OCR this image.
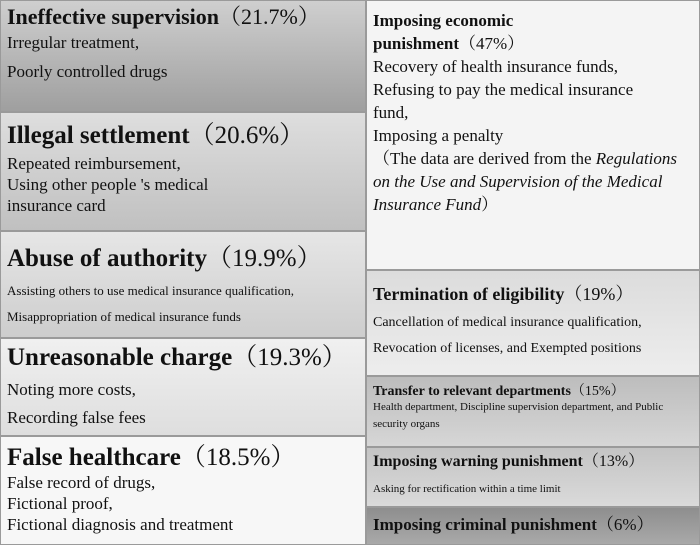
Ineffective supervision（21.7%）
Irregular treatment,
Poorly controlled drugs
Illegal settlement（20.6%）
Repeated reimbursement,
Using other people 's medical
insurance card
Abuse of authority（19.9%）
Assisting others to use medical insurance qualification,
Misappropriation of medical insurance funds
Unreasonable charge（19.3%）
Noting more costs,
Recording false fees
False healthcare（18.5%）
False record of drugs,
Fictional proof,
Fictional diagnosis and treatment
Imposing economic
punishment（47%）
Recovery of health insurance funds,
Refusing to pay the medical insurance
fund,
Imposing a penalty
（The data are derived from the Regulations on the Use and Supervision of the Medical Insurance Fund）
Termination of eligibility（19%）
Cancellation of medical insurance qualification,
Revocation of licenses, and Exempted positions
Transfer to relevant departments（15%）
Health department, Discipline supervision department, and Public
security organs
Imposing warning punishment（13%）
Asking for rectification within a time limit
Imposing criminal punishment（6%）
